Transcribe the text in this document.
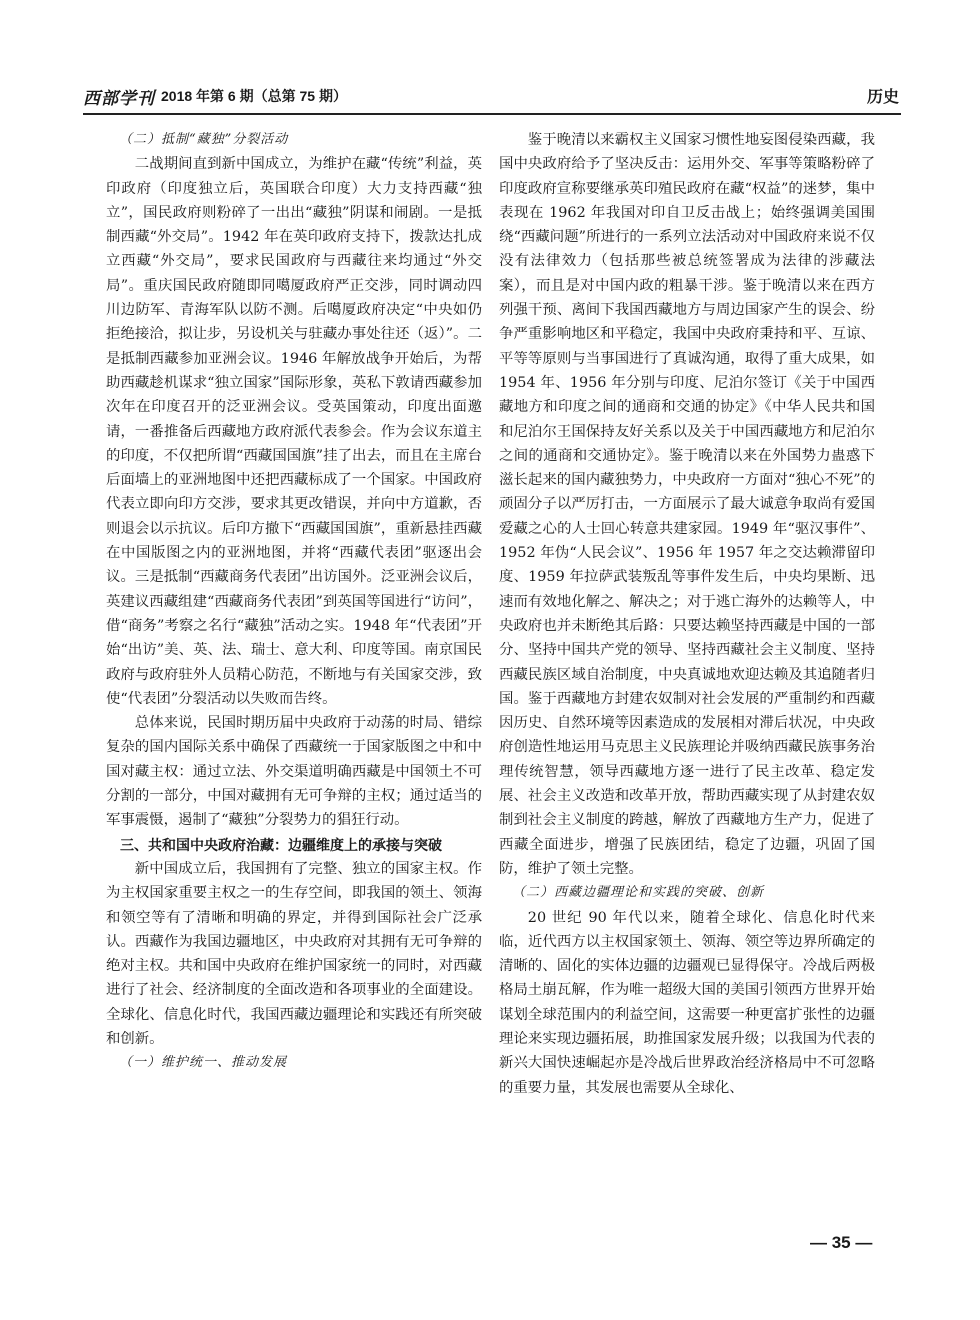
西部学刊 2018 年第 6 期（总第 75 期）	历史

（二）抵制“藏独”分裂活动

二战期间直到新中国成立，为维护在藏“传统”利益，英印政府（印度独立后，英国联合印度）大力支持西藏“独立”，国民政府则粉碎了一出出“藏独”阴谋和闹剧。一是抵制西藏“外交局”。1942 年在英印政府支持下，拨款达扎成立西藏“外交局”，要求民国政府与西藏往来均通过“外交局”。重庆国民政府随即同噶厦政府严正交涉，同时调动四川边防军、青海军队以防不测。后噶厦政府决定“中央如仍拒绝接洽，拟让步，另设机关与驻藏办事处往还（返）”。二是抵制西藏参加亚洲会议。1946 年解放战争开始后，为帮助西藏趁机谋求“独立国家”国际形象，英私下敦请西藏参加次年在印度召开的泛亚洲会议。受英国策动，印度出面邀请，一番推备后西藏地方政府派代表参会。作为会议东道主的印度，不仅把所谓“西藏国国旗”挂了出去，而且在主席台后面墙上的亚洲地图中还把西藏标成了一个国家。中国政府代表立即向印方交涉，要求其更改错误，并向中方道歉，否则退会以示抗议。后印方撤下“西藏国国旗”，重新悬挂西藏在中国版图之内的亚洲地图，并将“西藏代表团”驱逐出会议。三是抵制“西藏商务代表团”出访国外。泛亚洲会议后，英建议西藏组建“西藏商务代表团”到英国等国进行“访问”，借“商务”考察之名行“藏独”活动之实。1948 年“代表团”开始“出访”美、英、法、瑞士、意大利、印度等国。南京国民政府与政府驻外人员精心防范，不断地与有关国家交涉，致使“代表团”分裂活动以失败而告终。

总体来说，民国时期历届中央政府于动荡的时局、错综复杂的国内国际关系中确保了西藏统一于国家版图之中和中国对藏主权：通过立法、外交渠道明确西藏是中国领土不可分割的一部分，中国对藏拥有无可争辩的主权；通过适当的军事震慑，遏制了“藏独”分裂势力的猖狂行动。

三、共和国中央政府治藏：边疆维度上的承接与突破

新中国成立后，我国拥有了完整、独立的国家主权。作为主权国家重要主权之一的生存空间，即我国的领土、领海和领空等有了清晰和明确的界定，并得到国际社会广泛承认。西藏作为我国边疆地区，中央政府对其拥有无可争辩的绝对主权。共和国中央政府在维护国家统一的同时，对西藏进行了社会、经济制度的全面改造和各项事业的全面建设。全球化、信息化时代，我国西藏边疆理论和实践还有所突破和创新。

（一）维护统一、推动发展

鉴于晚清以来霸权主义国家习惯性地妄图侵染西藏，我国中央政府给予了坚决反击：运用外交、军事等策略粉碎了印度政府宣称要继承英印殖民政府在藏“权益”的迷梦，集中表现在 1962 年我国对印自卫反击战上；始终强调美国围绕“西藏问题”所进行的一系列立法活动对中国政府来说不仅没有法律效力（包括那些被总统签署成为法律的涉藏法案），而且是对中国内政的粗暴干涉。鉴于晚清以来在西方列强干预、离间下我国西藏地方与周边国家产生的误会、纷争严重影响地区和平稳定，我国中央政府秉持和平、互谅、平等等原则与当事国进行了真诚沟通，取得了重大成果，如 1954 年、1956 年分别与印度、尼泊尔签订《关于中国西藏地方和印度之间的通商和交通的协定》《中华人民共和国和尼泊尔王国保持友好关系以及关于中国西藏地方和尼泊尔之间的通商和交通协定》。鉴于晚清以来在外国势力蛊惑下滋长起来的国内藏独势力，中央政府一方面对“独心不死”的顽固分子以严厉打击，一方面展示了最大诚意争取尚有爱国爱藏之心的人士回心转意共建家园。1949 年“驱汉事件”、1952 年伪“人民会议”、1956 年 1957 年之交达赖滞留印度、1959 年拉萨武装叛乱等事件发生后，中央均果断、迅速而有效地化解之、解决之；对于逃亡海外的达赖等人，中央政府也并未断绝其后路：只要达赖坚持西藏是中国的一部分、坚持中国共产党的领导、坚持西藏社会主义制度、坚持西藏民族区域自治制度，中央真诚地欢迎达赖及其追随者归国。鉴于西藏地方封建农奴制对社会发展的严重制约和西藏因历史、自然环境等因素造成的发展相对滞后状况，中央政府创造性地运用马克思主义民族理论并吸纳西藏民族事务治理传统智慧，领导西藏地方逐一进行了民主改革、稳定发展、社会主义改造和改革开放，帮助西藏实现了从封建农奴制到社会主义制度的跨越，解放了西藏地方生产力，促进了西藏全面进步，增强了民族团结，稳定了边疆，巩固了国防，维护了领土完整。

（二）西藏边疆理论和实践的突破、创新

20 世纪 90 年代以来，随着全球化、信息化时代来临，近代西方以主权国家领土、领海、领空等边界所确定的清晰的、固化的实体边疆的边疆观已显得保守。冷战后两极格局土崩瓦解，作为唯一超级大国的美国引领西方世界开始谋划全球范围内的利益空间，这需要一种更富扩张性的边疆理论来实现边疆拓展，助推国家发展升级；以我国为代表的新兴大国快速崛起亦是冷战后世界政治经济格局中不可忽略的重要力量，其发展也需要从全球化、

— 35 —
